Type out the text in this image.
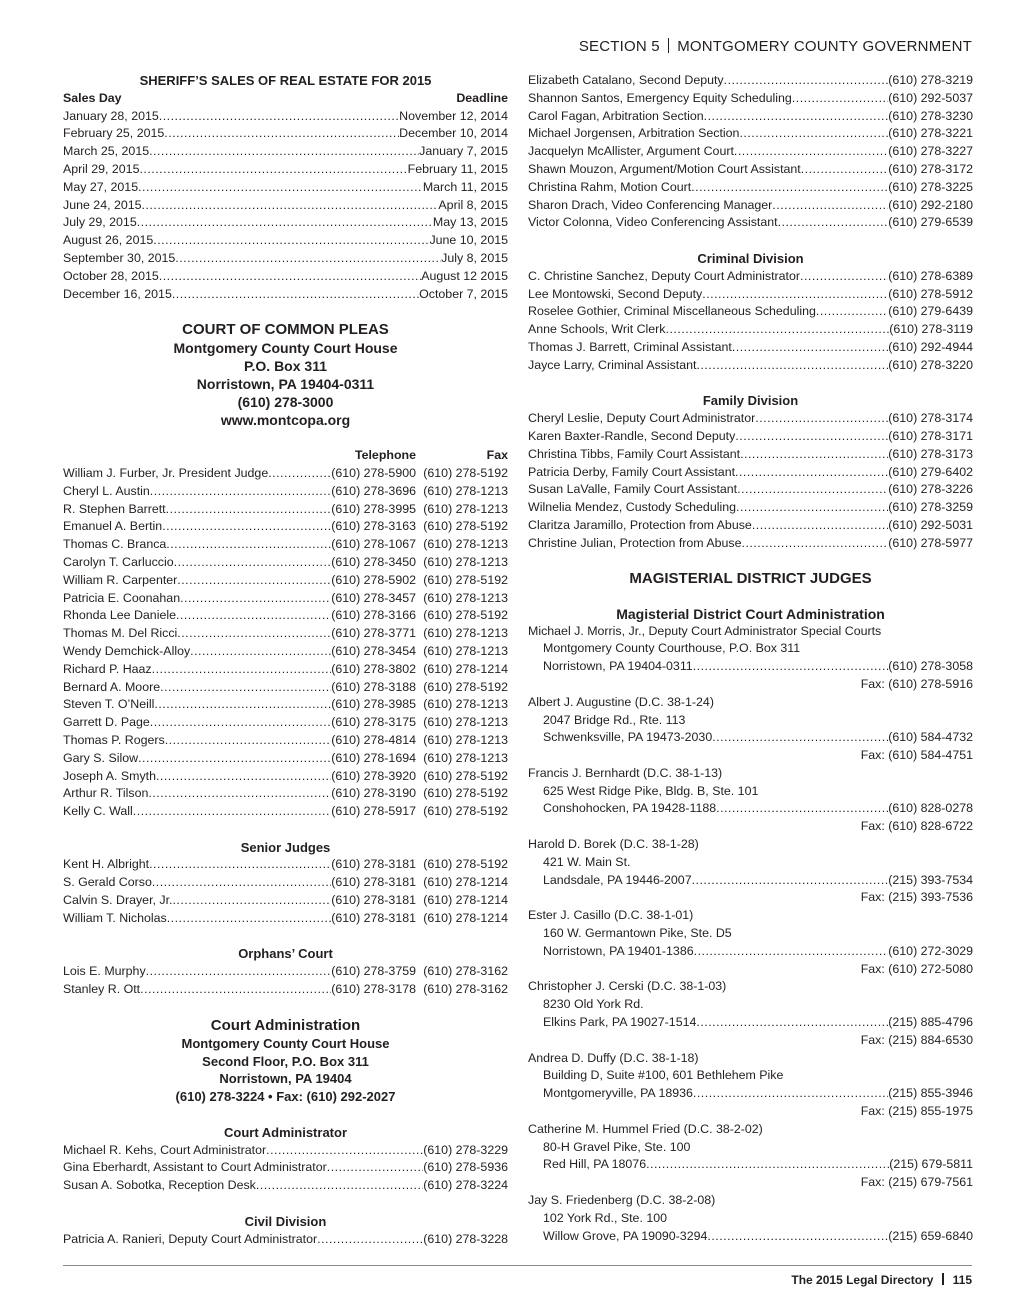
SECTION 5 MONTGOMERY COUNTY GOVERNMENT
SHERIFF’S SALES OF REAL ESTATE FOR 2015
Sales Day	Deadline
January 28, 2015 .....	November 12, 2014
February 25, 2015 .....	December 10, 2014
March 25, 2015 .....	January 7, 2015
April 29, 2015 .....	February 11, 2015
May 27, 2015 .....	March 11, 2015
June 24, 2015 .....	April 8, 2015
July 29, 2015 .....	May 13, 2015
August 26, 2015 .....	June 10, 2015
September 30, 2015 .....	July 8, 2015
October 28, 2015 .....	August 12 2015
December 16, 2015 .....	October 7, 2015
COURT OF COMMON PLEAS
Montgomery County Court House
P.O. Box 311
Norristown, PA 19404-0311
(610) 278-3000
www.montcopa.org
Telephone	Fax
William J. Furber, Jr. President Judge .....	(610) 278-5900 (610) 278-5192
Cheryl L. Austin .....	(610) 278-3696 (610) 278-1213
R. Stephen Barrett .....	(610) 278-3995 (610) 278-1213
Emanuel A. Bertin .....	(610) 278-3163 (610) 278-5192
Thomas C. Branca .....	(610) 278-1067 (610) 278-1213
Carolyn T. Carluccio .....	(610) 278-3450 (610) 278-1213
William R. Carpenter .....	(610) 278-5902 (610) 278-5192
Patricia E. Coonahan .....	(610) 278-3457 (610) 278-1213
Rhonda Lee Daniele .....	(610) 278-3166 (610) 278-5192
Thomas M. Del Ricci .....	(610) 278-3771 (610) 278-1213
Wendy Demchick-Alloy .....	(610) 278-3454 (610) 278-1213
Richard P. Haaz .....	(610) 278-3802 (610) 278-1214
Bernard A. Moore .....	(610) 278-3188 (610) 278-5192
Steven T. O’Neill .....	(610) 278-3985 (610) 278-1213
Garrett D. Page .....	(610) 278-3175 (610) 278-1213
Thomas P. Rogers .....	(610) 278-4814 (610) 278-1213
Gary S. Silow .....	(610) 278-1694 (610) 278-1213
Joseph A. Smyth .....	(610) 278-3920 (610) 278-5192
Arthur R. Tilson .....	(610) 278-3190 (610) 278-5192
Kelly C. Wall .....	(610) 278-5917 (610) 278-5192
Senior Judges
Kent H. Albright .....	(610) 278-3181 (610) 278-5192
S. Gerald Corso .....	(610) 278-3181 (610) 278-1214
Calvin S. Drayer, Jr. .....	(610) 278-3181 (610) 278-1214
William T. Nicholas .....	(610) 278-3181 (610) 278-1214
Orphans’ Court
Lois E. Murphy .....	(610) 278-3759 (610) 278-3162
Stanley R. Ott .....	(610) 278-3178 (610) 278-3162
Court Administration
Montgomery County Court House
Second Floor, P.O. Box 311
Norristown, PA 19404
(610) 278-3224 • Fax: (610) 292-2027
Court Administrator
Michael R. Kehs, Court Administrator .....	(610) 278-3229
Gina Eberhardt, Assistant to Court Administrator .....	(610) 278-5936
Susan A. Sobotka, Reception Desk .....	(610) 278-3224
Civil Division
Patricia A. Ranieri, Deputy Court Administrator .....	(610) 278-3228
Elizabeth Catalano, Second Deputy .....	(610) 278-3219
Shannon Santos, Emergency Equity Scheduling .....	(610) 292-5037
Carol Fagan, Arbitration Section .....	(610) 278-3230
Michael Jorgensen, Arbitration Section .....	(610) 278-3221
Jacquelyn McAllister, Argument Court .....	(610) 278-3227
Shawn Mouzon, Argument/Motion Court Assistant .....	(610) 278-3172
Christina Rahm, Motion Court .....	(610) 278-3225
Sharon Drach, Video Conferencing Manager .....	(610) 292-2180
Victor Colonna, Video Conferencing Assistant .....	(610) 279-6539
Criminal Division
C. Christine Sanchez, Deputy Court Administrator .....	(610) 278-6389
Lee Montowski, Second Deputy .....	(610) 278-5912
Roselee Gothier, Criminal Miscellaneous Scheduling .....	(610) 279-6439
Anne Schools, Writ Clerk .....	(610) 278-3119
Thomas J. Barrett, Criminal Assistant .....	(610) 292-4944
Jayce Larry, Criminal Assistant .....	(610) 278-3220
Family Division
Cheryl Leslie, Deputy Court Administrator .....	(610) 278-3174
Karen Baxter-Randle, Second Deputy .....	(610) 278-3171
Christina Tibbs, Family Court Assistant .....	(610) 278-3173
Patricia Derby, Family Court Assistant .....	(610) 279-6402
Susan LaValle, Family Court Assistant .....	(610) 278-3226
Wilnelia Mendez, Custody Scheduling .....	(610) 278-3259
Claritza Jaramillo, Protection from Abuse .....	(610) 292-5031
Christine Julian, Protection from Abuse .....	(610) 278-5977
MAGISTERIAL DISTRICT JUDGES
Magisterial District Court Administration
Michael J. Morris, Jr., Deputy Court Administrator Special Courts
Montgomery County Courthouse, P.O. Box 311
Norristown, PA 19404-0311 .....	(610) 278-3058
Fax: (610) 278-5916
Albert J. Augustine (D.C. 38-1-24)
2047 Bridge Rd., Rte. 113
Schwenksville, PA 19473-2030 .....	(610) 584-4732
Fax: (610) 584-4751
Francis J. Bernhardt (D.C. 38-1-13)
625 West Ridge Pike, Bldg. B, Ste. 101
Conshohocken, PA 19428-1188 .....	(610) 828-0278
Fax: (610) 828-6722
Harold D. Borek (D.C. 38-1-28)
421 W. Main St.
Landsdale, PA 19446-2007 .....	(215) 393-7534
Fax: (215) 393-7536
Ester J. Casillo (D.C. 38-1-01)
160 W. Germantown Pike, Ste. D5
Norristown, PA 19401-1386 .....	(610) 272-3029
Fax: (610) 272-5080
Christopher J. Cerski (D.C. 38-1-03)
8230 Old York Rd.
Elkins Park, PA 19027-1514 .....	(215) 885-4796
Fax: (215) 884-6530
Andrea D. Duffy (D.C. 38-1-18)
Building D, Suite #100, 601 Bethlehem Pike
Montgomeryville, PA 18936 .....	(215) 855-3946
Fax: (215) 855-1975
Catherine M. Hummel Fried (D.C. 38-2-02)
80-H Gravel Pike, Ste. 100
Red Hill, PA 18076 .....	(215) 679-5811
Fax: (215) 679-7561
Jay S. Friedenberg (D.C. 38-2-08)
102 York Rd., Ste. 100
Willow Grove, PA 19090-3294 .....	(215) 659-6840
The 2015 Legal Directory 115
